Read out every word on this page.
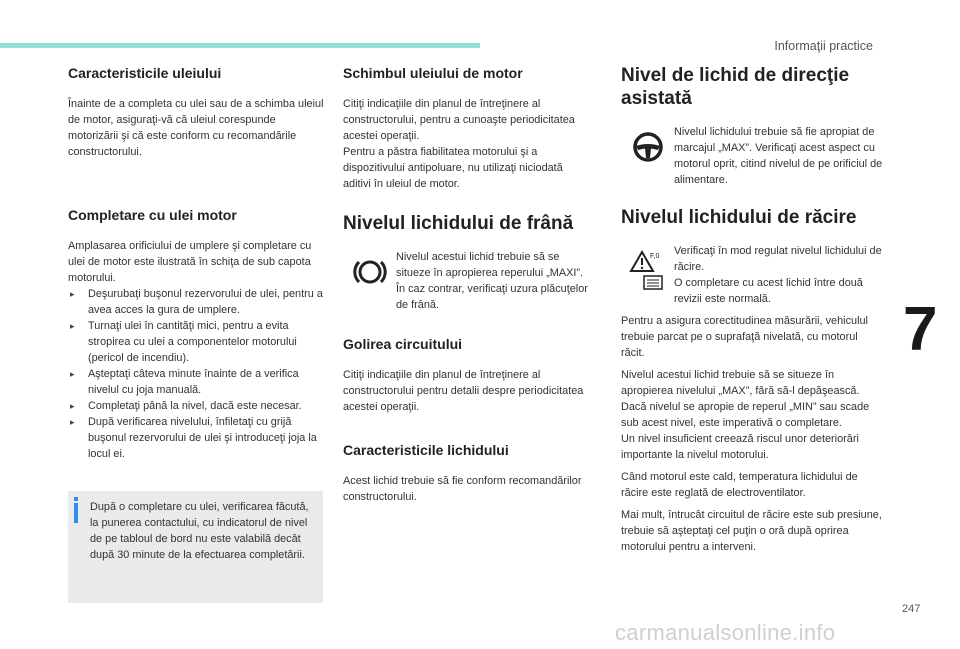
Informaţii practice
Caracteristicile uleiului

Înainte de a completa cu ulei sau de a schimba uleiul de motor, asiguraţi-vă că uleiul corespunde motorizării şi că este conform cu recomandările constructorului.

Completare cu ulei motor

Amplasarea orificiului de umplere şi completare cu ulei de motor este ilustrată în schiţa de sub capota motorului.

▸ Deşurubaţi buşonul rezervorului de ulei, pentru a avea acces la gura de umplere.
▸ Turnaţi ulei în cantităţi mici, pentru a evita stropirea cu ulei a componentelor motorului (pericol de incendiu).
▸ Aşteptaţi câteva minute înainte de a verifica nivelul cu joja manuală.
▸ Completaţi până la nivel, dacă este necesar.
▸ După verificarea nivelului, înfiletaţi cu grijă buşonul rezervorului de ulei şi introduceţi joja la locul ei.

După o completare cu ulei, verificarea făcută, la punerea contactului, cu indicatorul de nivel de pe tabloul de bord nu este valabilă decât după 30 minute de la efectuarea completării.

Schimbul uleiului de motor

Citiţi indicaţiile din planul de întreţinere al constructorului, pentru a cunoaşte periodicitatea acestei operaţii.

Pentru a păstra fiabilitatea motorului şi a dispozitivului antipoluare, nu utilizaţi niciodată aditivi în uleiul de motor.

Nivelul lichidului de frână

Nivelul acestui lichid trebuie să se situeze în apropierea reperului „MAXI”. În caz contrar, verificaţi uzura plăcuţelor de frână.

Golirea circuitului

Citiţi indicaţiile din planul de întreţinere al constructorului pentru detalii despre periodicitatea acestei operaţii.

Caracteristicile lichidului

Acest lichid trebuie să fie conform recomandărilor constructorului.

Nivel de lichid de direcţie asistată

Nivelul lichidului trebuie să fie apropiat de marcajul „MAX”. Verificaţi acest aspect cu motorul oprit, citind nivelul de pe orificiul de alimentare.

Nivelul lichidului de răcire
F,0 Verificaţi în mod regulat nivelul lichidului de răcire.

O completare cu acest lichid între două revizii este normală.

Pentru a asigura corectitudinea măsurării, vehiculul trebuie parcat pe o suprafaţă nivelată, cu motorul răcit.

Nivelul acestui lichid trebuie să se situeze în apropierea nivelului „MAX”, fără să-l depăşească.

Dacă nivelul se apropie de reperul „MIN” sau scade sub acest nivel, este imperativă o completare.

Un nivel insuficient creează riscul unor deteriorări importante la nivelul motorului.

Când motorul este cald, temperatura lichidului de răcire este reglată de electroventilator.

Mai mult, întrucât circuitul de răcire este sub presiune, trebuie să aşteptaţi cel puţin o oră după oprirea motorului pentru a interveni.

7
247
carmanualsonline.info
